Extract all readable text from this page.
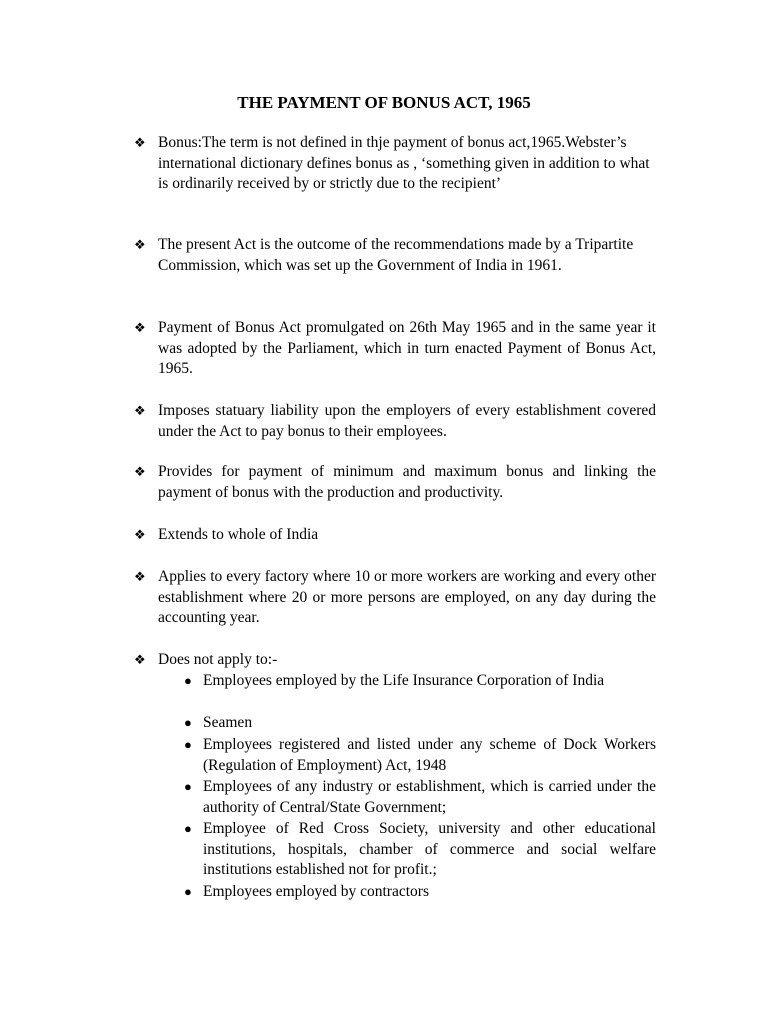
THE PAYMENT OF BONUS ACT, 1965
❖ Bonus:The term is not defined in thje payment of bonus act,1965.Webster’s international dictionary defines bonus as , ‘something given in addition to what is ordinarily received by or strictly due to the recipient’
❖ The present Act is the outcome of the recommendations made by a Tripartite Commission, which was set up the Government of India in 1961.
❖ Payment of Bonus Act promulgated on 26th May 1965 and in the same year it was adopted by the Parliament, which in turn enacted Payment of Bonus Act, 1965.
❖ Imposes statuary liability upon the employers of every establishment covered under the Act to pay bonus to their employees.
❖ Provides for payment of minimum and maximum bonus and linking the payment of bonus with the production and productivity.
❖ Extends to whole of India
❖ Applies to every factory where 10 or more workers are working and every other establishment where 20 or more persons are employed, on any day during the accounting year.
❖ Does not apply to:-
● Employees employed by the Life Insurance Corporation of India
● Seamen
● Employees registered and listed under any scheme of Dock Workers (Regulation of Employment) Act, 1948
● Employees of any industry or establishment, which is carried under the authority of Central/State Government;
● Employee of Red Cross Society, university and other educational institutions, hospitals, chamber of commerce and social welfare institutions established not for profit.;
● Employees employed by contractors
